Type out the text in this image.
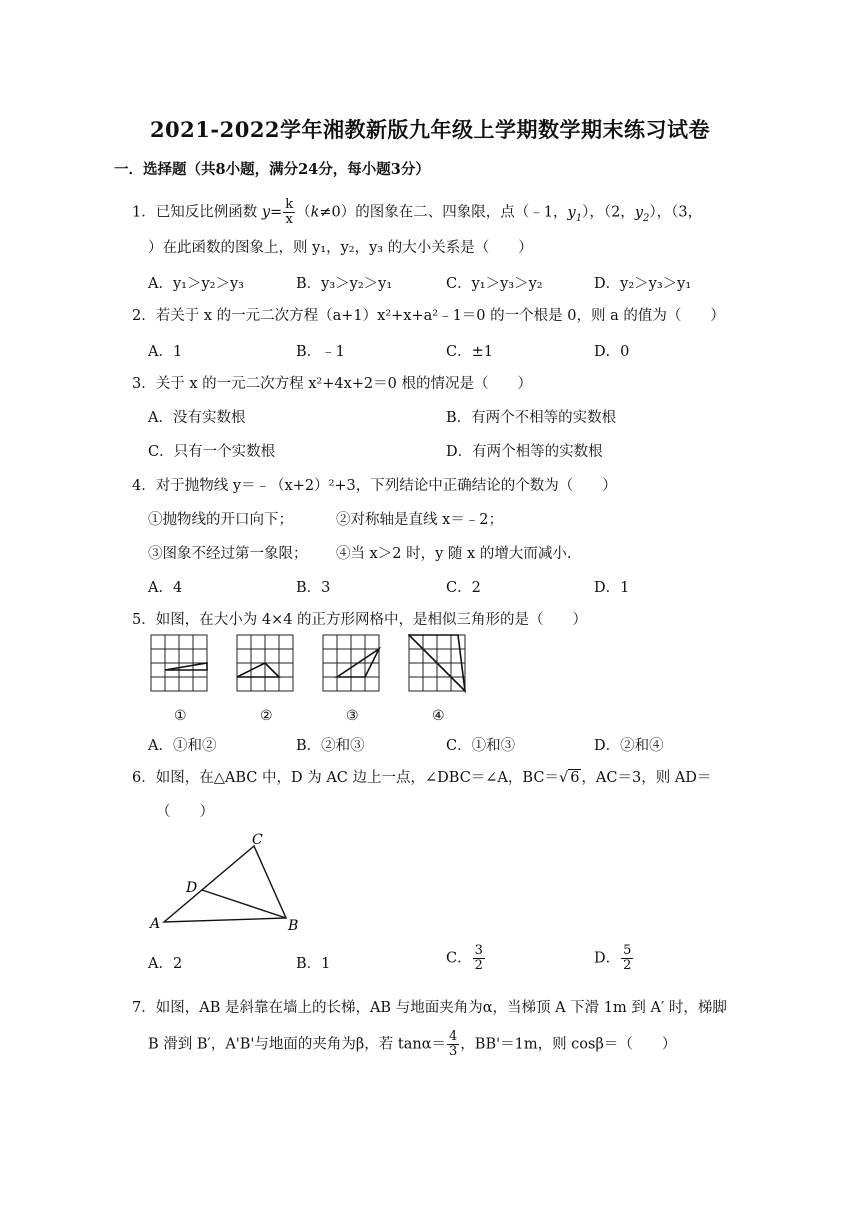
2021-2022学年湘教新版九年级上学期数学期末练习试卷
一．选择题（共8小题，满分24分，每小题3分）
1．已知反比例函数 $y= \frac{k}{x} (k\ne 0)$的图象在二、四象限，点（﹣1，$y_1$），（2，$y_2$），（3，
）在此函数的图象上，则 y₁，y₂，y₃ 的大小关系是（　　）
A．y₁＞y₂＞y₃	B．y₃＞y₂＞y₁	C．y₁＞y₃＞y₂	D．y₂＞y₃＞y₁
2．若关于 x 的一元二次方程（a+1）x²+x+a²﹣1＝0 的一个根是 0，则 a 的值为（　　）
A．1	B．﹣1	C．±1	D．0
3．关于 x 的一元二次方程 x²+4x+2＝0 根的情况是（　　）
A．没有实数根	B．有两个不相等的实数根
C．只有一个实数根	D．有两个相等的实数根
4．对于抛物线 y＝﹣（x+2）²+3，下列结论中正确结论的个数为（　　）
①抛物线的开口向下；	②对称轴是直线 x＝﹣2；
③图象不经过第一象限； ④当 x＞2 时，y 随 x 的增大而减小.
A．4	B．3	C．2	D．1
5．如图，在大小为 4×4 的正方形网格中，是相似三角形的是（　　）
①	②	③	④
A．①和②	B．②和③	C．①和③	D．②和④
6．如图，在△ABC 中，D 为 AC 边上一点，∠DBC＝∠A，BC＝√ 6 ，AC＝3，则 AD＝
（　　）
C
D
A	B
A．2	B．1	C． $\frac{3}{2}$	D． $\frac{5}{2}$
7．如图，AB 是斜靠在墙上的长梯，AB 与地面夹角为α，当梯顶 A 下滑 1m 到 A′ 时，梯脚
B 滑到 B′，A'B'与地面的夹角为β，若 $\tan\alpha= \frac{4}{3}$ ，BB'＝1m，则 cosβ＝（　　）
